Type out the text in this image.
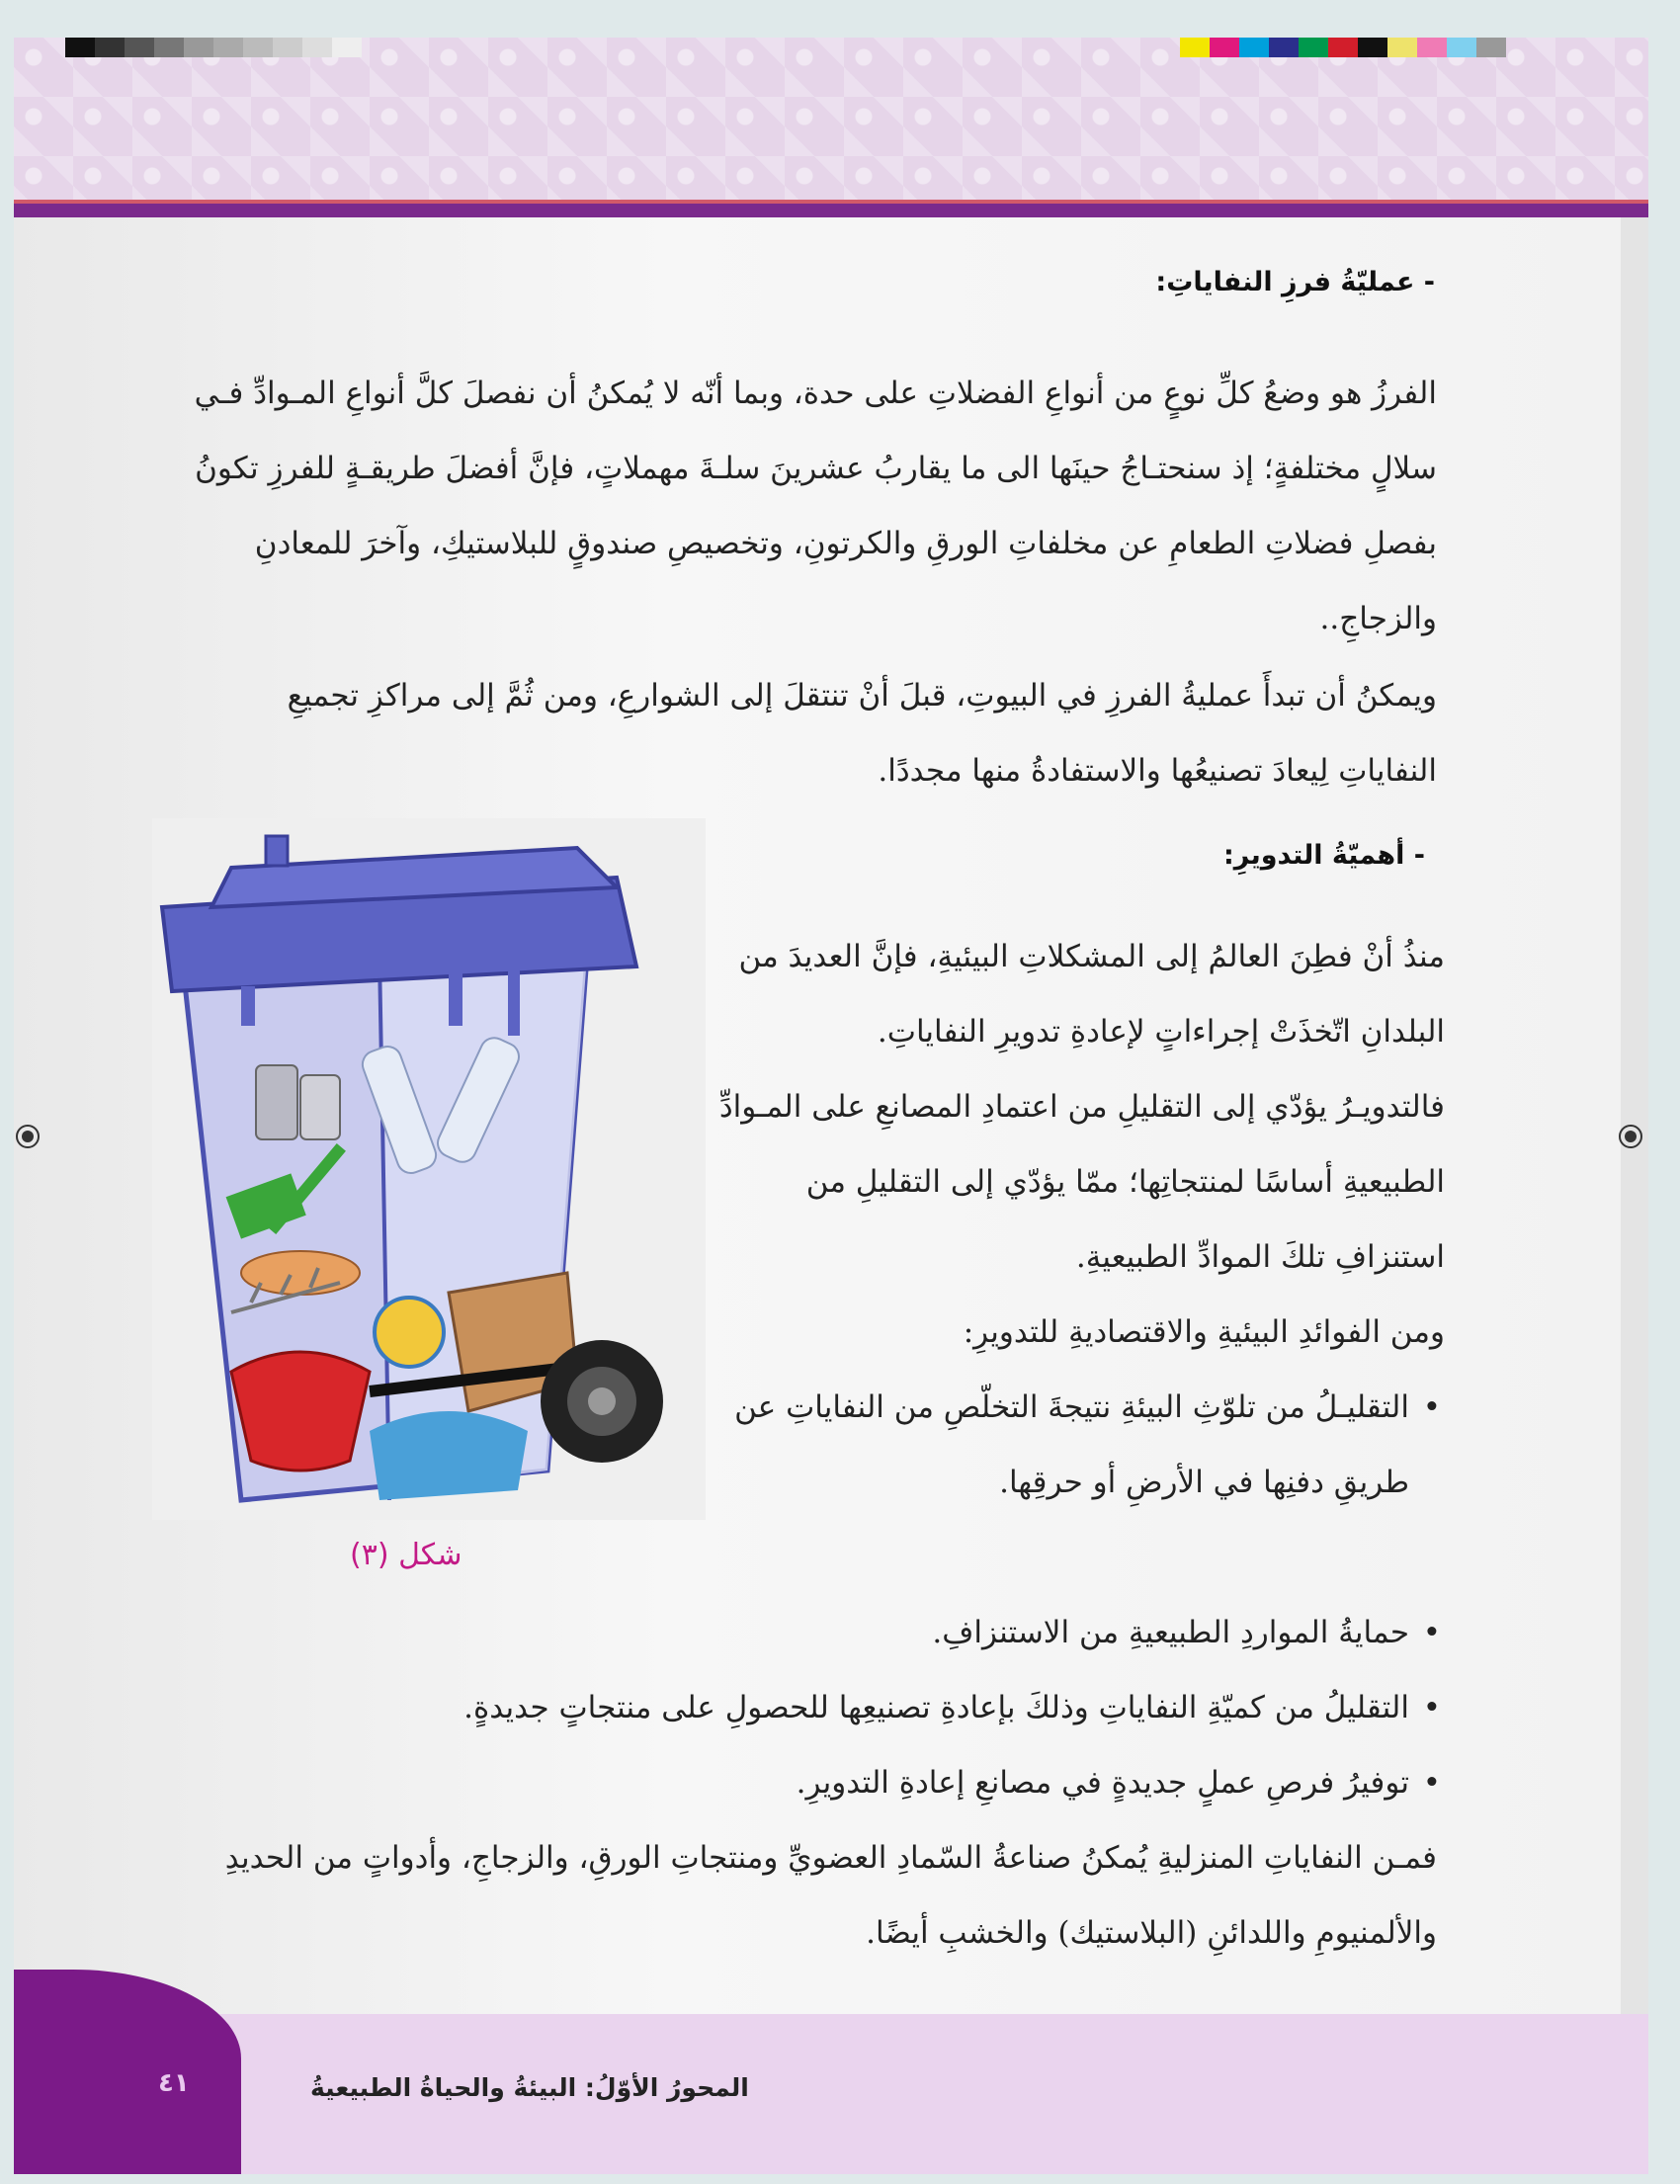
- عمليّةُ فرزِ النفاياتِ:
الفرزُ هو وضعُ كلِّ نوعٍ من أنواعِ الفضلاتِ على حدة، وبما أنّه لا يُمكنُ أن نفصلَ كلَّ أنواعِ المـوادِّ فـي سلالٍ مختلفةٍ؛ إذ سنحتـاجُ حينَها الى ما يقاربُ عشرينَ سلـةَ مهملاتٍ، فإنَّ أفضلَ طريقـةٍ للفرزِ تكونُ بفصلِ فضلاتِ الطعامِ عن مخلفاتِ الورقِ والكرتونِ، وتخصيصِ صندوقٍ للبلاستيكِ، وآخرَ للمعادنِ والزجاجِ..
ويمكنُ أن تبدأَ عمليةُ الفرزِ في البيوتِ، قبلَ أنْ تنتقلَ إلى الشوارعِ، ومن ثُمَّ إلى مراكزِ تجميعِ النفاياتِ لِيعادَ تصنيعُها والاستفادةُ منها مجددًا.
- أهميّةُ التدويرِ:
منذُ أنْ فطِنَ العالمُ إلى المشكلاتِ البيئيةِ، فإنَّ العديدَ من البلدانِ اتّخذَتْ إجراءاتٍ لإعادةِ تدويرِ النفاياتِ.
فالتدويـرُ يؤدّي إلى التقليلِ من اعتمادِ المصانعِ على المـوادِّ الطبيعيةِ أساسًا لمنتجاتِها؛ ممّا يؤدّي إلى التقليلِ من استنزافِ تلكَ الموادِّ الطبيعيةِ.
ومن الفوائدِ البيئيةِ والاقتصاديةِ للتدويرِ:
• التقليـلُ من تلوّثِ البيئةِ نتيجةَ التخلّصِ من النفاياتِ عن طريقِ دفنِها في الأرضِ أو حرقِها.
• حمايةُ المواردِ الطبيعيةِ من الاستنزافِ.
• التقليلُ من كميّةِ النفاياتِ وذلكَ بإعادةِ تصنيعِها للحصولِ على منتجاتٍ جديدةٍ.
• توفيرُ فرصِ عملٍ جديدةٍ في مصانعِ إعادةِ التدويرِ.
فمـن النفاياتِ المنزليةِ يُمكنُ صناعةُ السّمادِ العضويِّ ومنتجاتِ الورقِ، والزجاجِ، وأدواتٍ من الحديدِ والألمنيومِ واللدائنِ (البلاستيك) والخشبِ أيضًا.
شكل (٣)
٤١	المحورُ الأوّلُ: البيئةُ والحياةُ الطبيعيةُ
